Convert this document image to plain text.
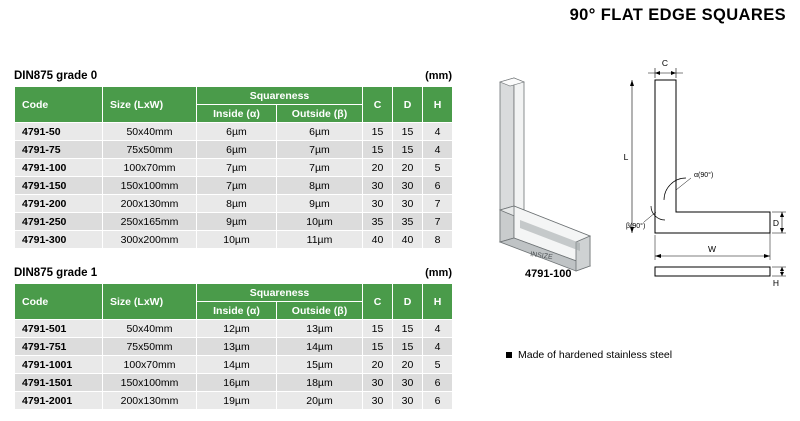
90° FLAT EDGE SQUARES
DIN875 grade 0	(mm)
Code	Size (LxW)	Squareness		C	D	H
		Inside (α)	Outside (β)			
4791-50	50x40mm	6µm	6µm	15	15	4
4791-75	75x50mm	6µm	7µm	15	15	4
4791-100	100x70mm	7µm	7µm	20	20	5
4791-150	150x100mm	7µm	8µm	30	30	6
4791-200	200x130mm	8µm	9µm	30	30	7
4791-250	250x165mm	9µm	10µm	35	35	7
4791-300	300x200mm	10µm	11µm	40	40	8
DIN875 grade 1	(mm)
Code	Size (LxW)	Squareness		C	D	H
		Inside (α)	Outside (β)			
4791-501	50x40mm	12µm	13µm	15	15	4
4791-751	75x50mm	13µm	14µm	15	15	4
4791-1001	100x70mm	14µm	15µm	20	20	5
4791-1501	150x100mm	16µm	18µm	30	30	6
4791-2001	200x130mm	19µm	20µm	30	30	6
INSIZE
C
L
W
D
H
α(90°)
β(90°)
4791-100
Made of hardened stainless steel
